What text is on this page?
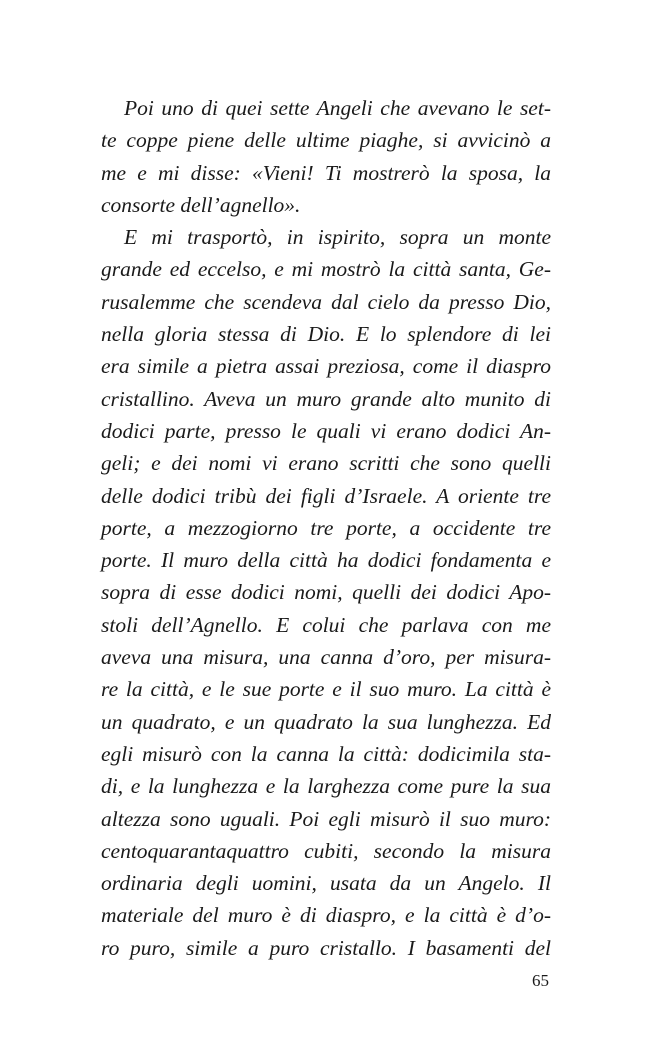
Poi uno di quei sette Angeli che avevano le set-
te coppe piene delle ultime piaghe, si avvicinò a
me e mi disse: «Vieni! Ti mostrerò la sposa, la
consorte dell’agnello».
E mi trasportò, in ispirito, sopra un monte
grande ed eccelso, e mi mostrò la città santa, Ge-
rusalemme che scendeva dal cielo da presso Dio,
nella gloria stessa di Dio. E lo splendore di lei
era simile a pietra assai preziosa, come il diaspro
cristallino. Aveva un muro grande alto munito di
dodici parte, presso le quali vi erano dodici An-
geli; e dei nomi vi erano scritti che sono quelli
delle dodici tribù dei figli d’Israele. A oriente tre
porte, a mezzogiorno tre porte, a occidente tre
porte. Il muro della città ha dodici fondamenta e
sopra di esse dodici nomi, quelli dei dodici Apo-
stoli dell’Agnello. E colui che parlava con me
aveva una misura, una canna d’oro, per misura-
re la città, e le sue porte e il suo muro. La città è
un quadrato, e un quadrato la sua lunghezza. Ed
egli misurò con la canna la città: dodicimila sta-
di, e la lunghezza e la larghezza come pure la sua
altezza sono uguali. Poi egli misurò il suo muro:
centoquarantaquattro cubiti, secondo la misura
ordinaria degli uomini, usata da un Angelo. Il
materiale del muro è di diaspro, e la città è d’o-
ro puro, simile a puro cristallo. I basamenti del
65
